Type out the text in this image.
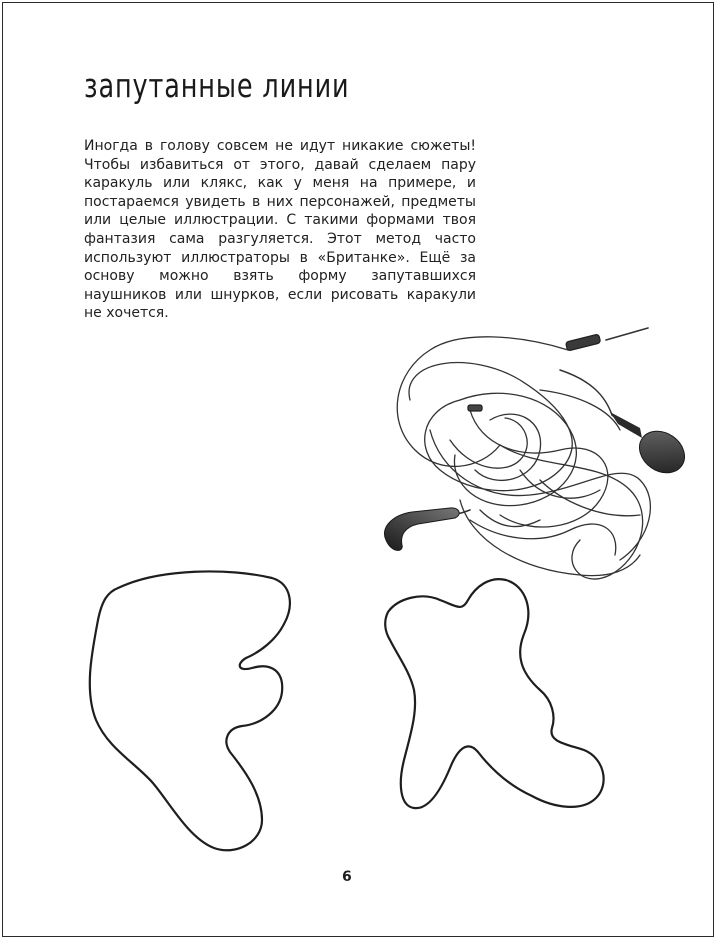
запутанные линии

Иногда в голову совсем не идут никакие сюжеты! Чтобы избавиться от этого, давай сделаем пару каракуль или клякс, как у меня на примере, и постараемся увидеть в них персонажей, предметы или целые иллюстрации. С такими формами твоя фантазия сама разгуляется. Этот метод часто используют иллюстраторы в «Британке». Ещё за основу можно взять форму запутавшихся наушников или шнурков, если рисовать каракули не хочется.

6
